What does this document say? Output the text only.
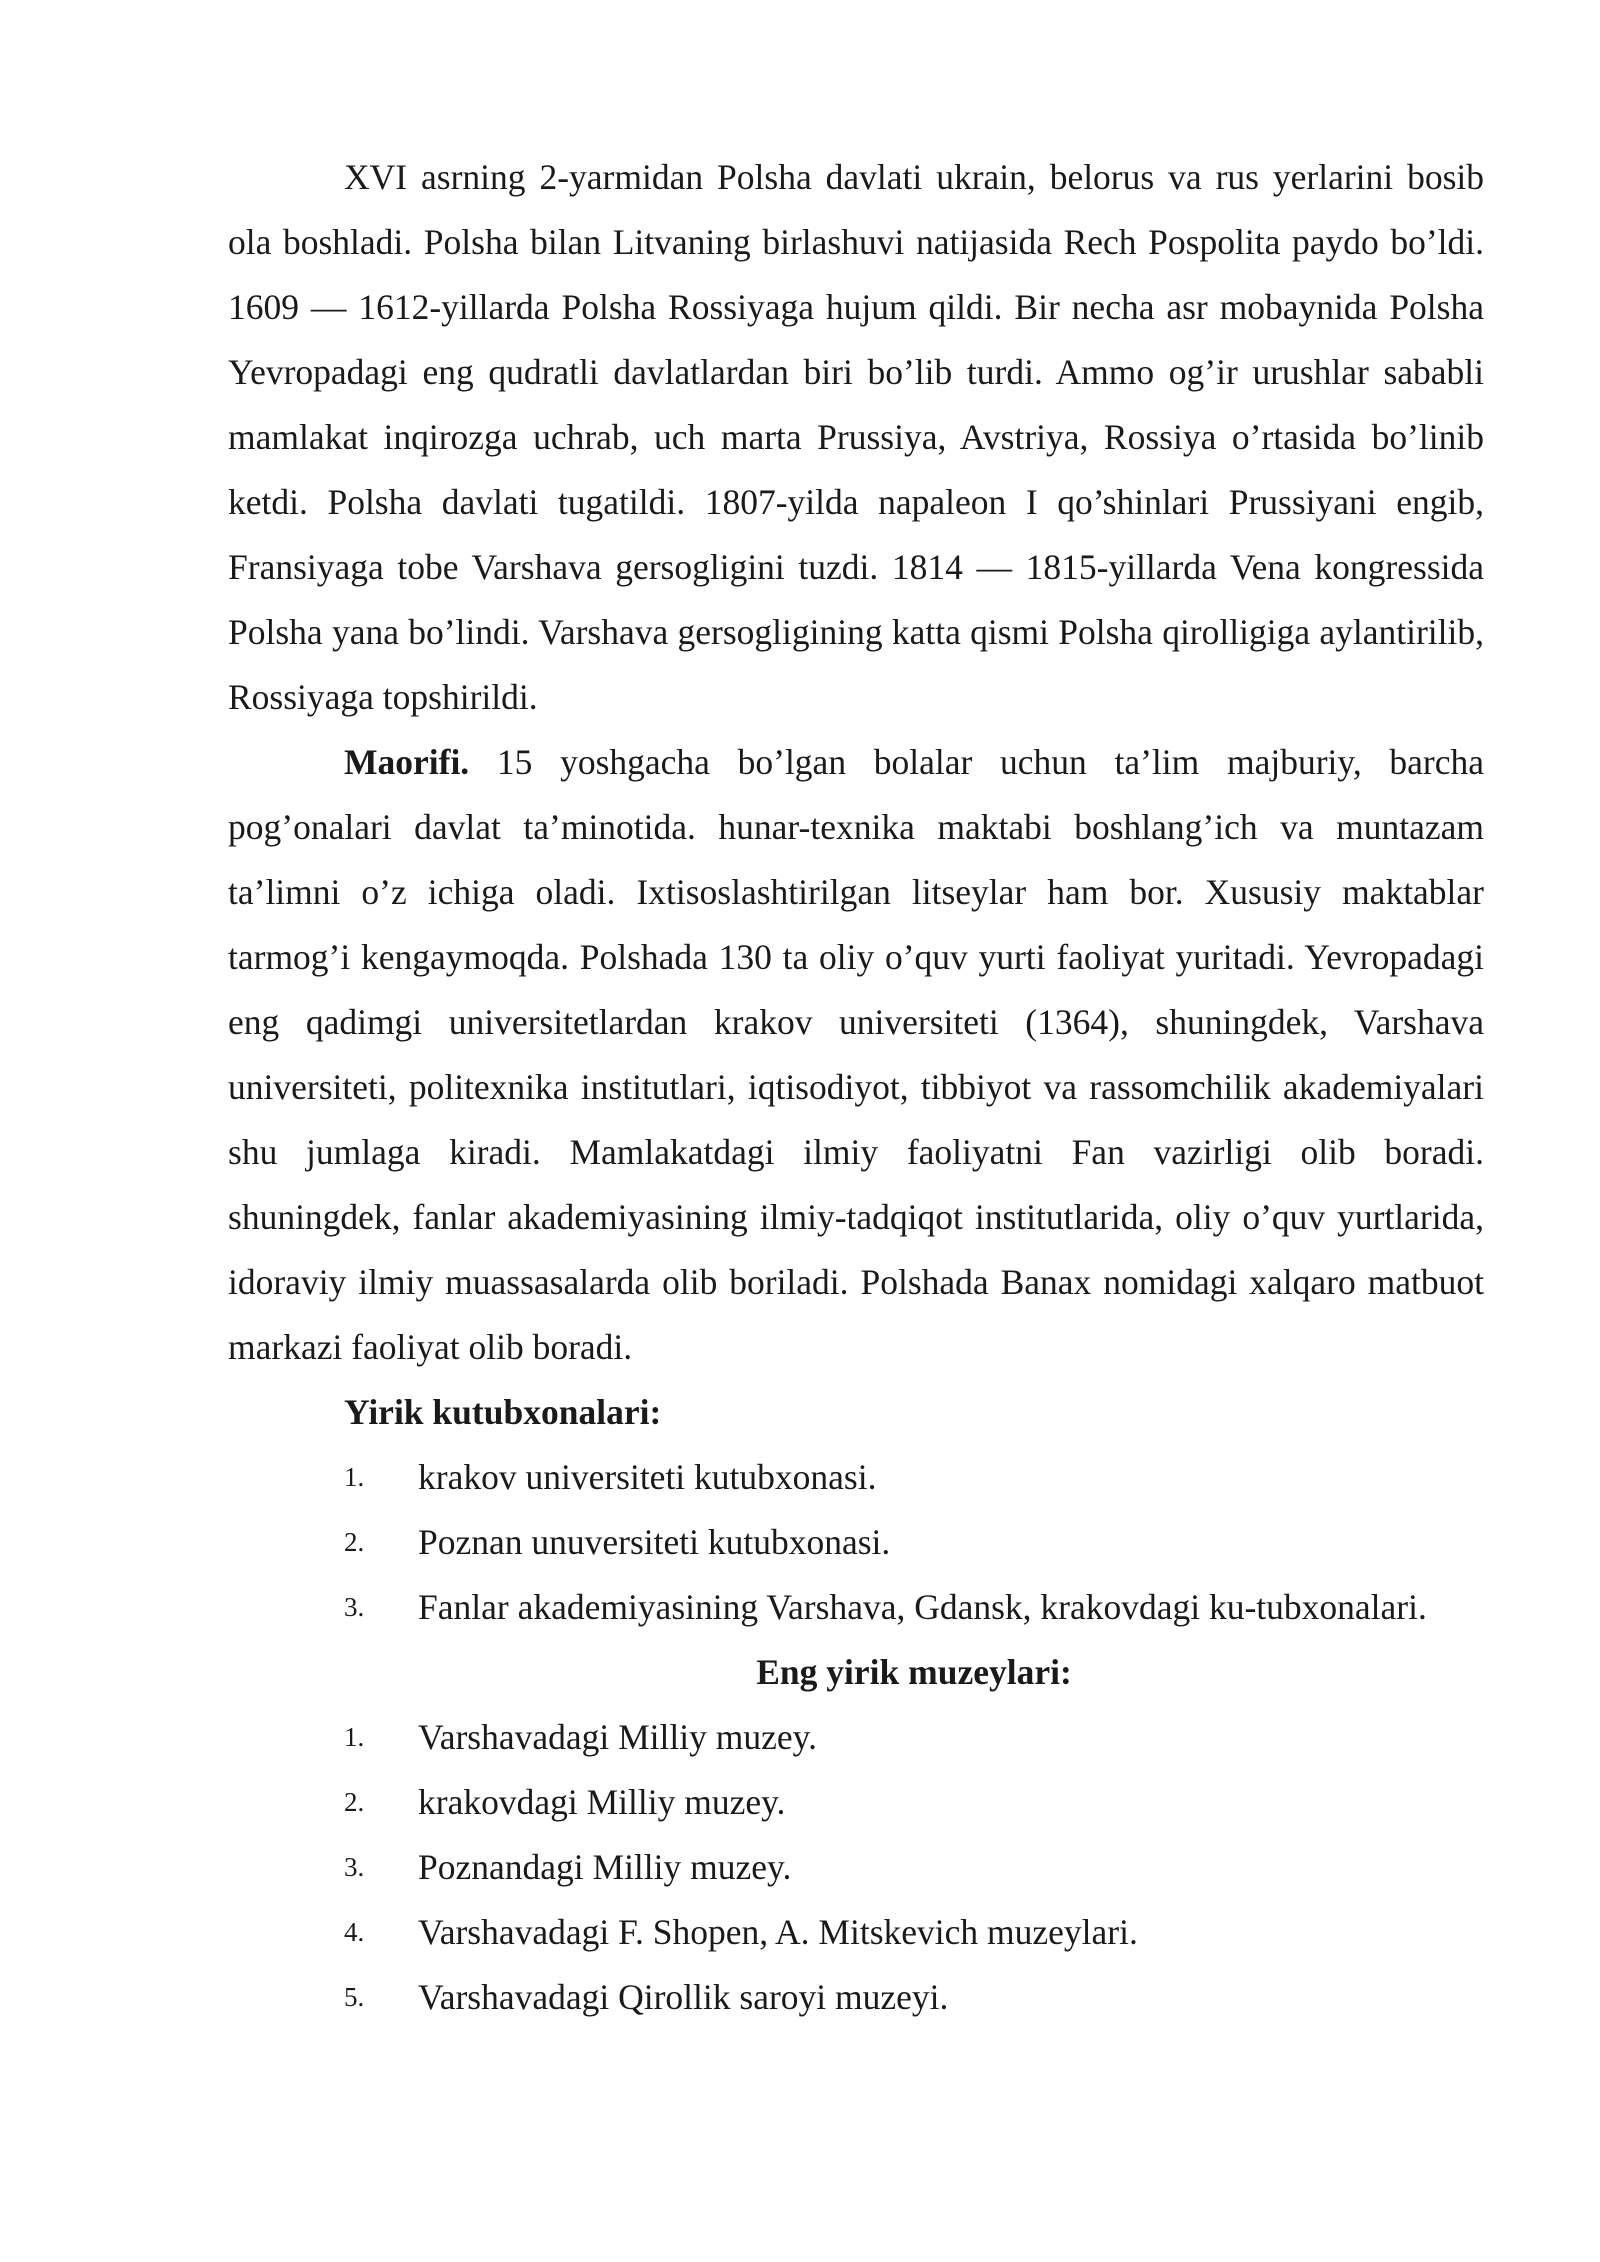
XVI asrning 2-yarmidan Polsha davlati ukrain, belorus va rus yerlarini bosib ola boshladi. Polsha bilan Litvaning birlashuvi natijasida Rech Pospolita paydo bo’ldi. 1609 — 1612-yillarda Polsha Rossiyaga hujum qildi. Bir necha asr mobaynida Polsha Yevropadagi eng qudratli davlatlardan biri bo’lib turdi. Ammo og’ir urushlar sababli mamlakat inqirozga uchrab, uch marta Prussiya, Avstriya, Rossiya o’rtasida bo’linib ketdi. Polsha davlati tugatildi. 1807-yilda napaleon I qo’shinlari Prussiyani engib, Fransiyaga tobe Varshava gersogligini tuzdi. 1814 — 1815-yillarda Vena kongressida Polsha yana bo’lindi. Varshava gersogligining katta qismi Polsha qirolligiga aylantirilib, Rossiyaga topshirildi.

Maorifi. 15 yoshgacha bo’lgan bolalar uchun ta’lim majburiy, barcha pog’onalari davlat ta’minotida. hunar-texnika maktabi boshlang’ich va muntazam ta’limni o’z ichiga oladi. Ixtisoslashtirilgan litseylar ham bor. Xususiy maktablar tarmog’i kengaymoqda. Polshada 130 ta oliy o’quv yurti faoliyat yuritadi. Yevropadagi eng qadimgi universitetlardan krakov universiteti (1364), shuningdek, Varshava universiteti, politexnika institutlari, iqtisodiyot, tibbiyot va rassomchilik akademiyalari shu jumlaga kiradi. Mamlakatdagi ilmiy faoliyatni Fan vazirligi olib boradi. shuningdek, fanlar akademiyasining ilmiy-tadqiqot institutlarida, oliy o’quv yurtlarida, idoraviy ilmiy muassasalarda olib boriladi. Polshada Banax nomidagi xalqaro matbuot markazi faoliyat olib boradi.

Yirik kutubxonalari:
1. krakov universiteti kutubxonasi.
2. Poznan unuversiteti kutubxonasi.
3. Fanlar akademiyasining Varshava, Gdansk, krakovdagi ku-tubxonalari.
Eng yirik muzeylari:
1. Varshavadagi Milliy muzey.
2. krakovdagi Milliy muzey.
3. Poznandagi Milliy muzey.
4. Varshavadagi F. Shopen, A. Mitskevich muzeylari.
5. Varshavadagi Qirollik saroyi muzeyi.
